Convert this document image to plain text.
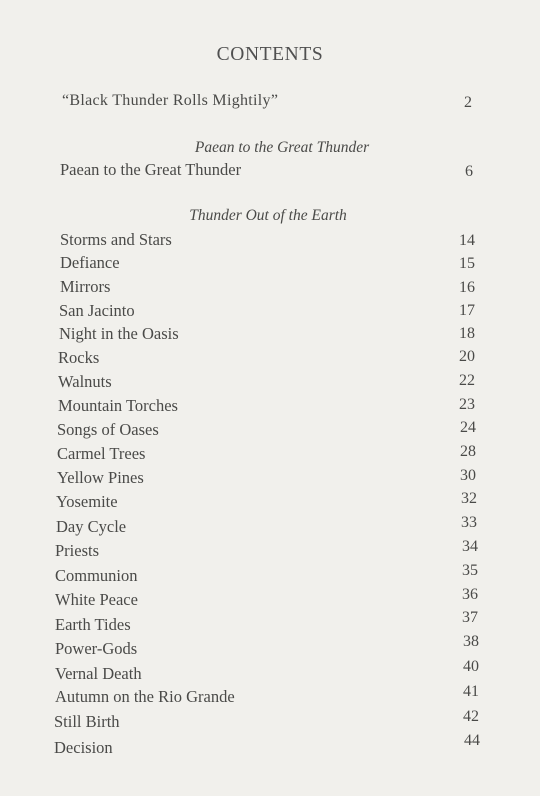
CONTENTS
“Black Thunder Rolls Mightily”	2
Paean to the Great Thunder
Paean to the Great Thunder	6
Thunder Out of the Earth
Storms and Stars	14
Defiance	15
Mirrors	16
San Jacinto	17
Night in the Oasis	18
Rocks	20
Walnuts	22
Mountain Torches	23
Songs of Oases	24
Carmel Trees	28
Yellow Pines	30
Yosemite	32
Day Cycle	33
Priests	34
Communion	35
White Peace	36
Earth Tides	37
Power-Gods	38
Vernal Death	40
Autumn on the Rio Grande	41
Still Birth	42
Decision	44
